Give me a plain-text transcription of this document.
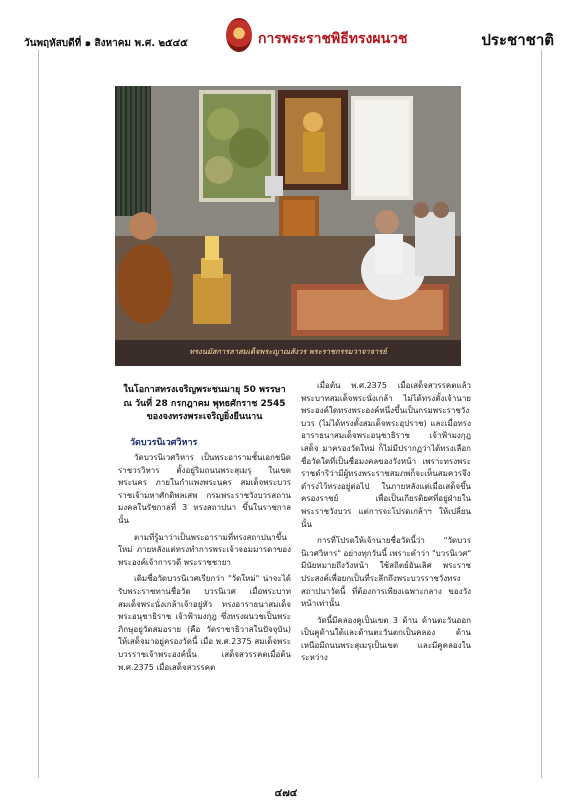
วันพฤหัสบดีที่ ๑ สิงหาคม พ.ศ. ๒๕๔๕	การพระราชพิธีทรงผนวช	ประชาชาติ
ทรงนมัสการลาสมเด็จพระญาณสังวร พระราชกรรมวาจาจารย์
ในโอกาสทรงเจริญพระชนมายุ 50 พรรษา ณ วันที่ 28 กรกฎาคม พุทธศักราช 2545 ของจงทรงพระเจริญยิ่งยืนนาน
วัดบวรนิเวศวิหาร

วัดบวรนิเวศวิหาร เป็นพระอารามชั้นเอกชนิดราชวรวิหาร ตั้งอยู่ริมถนนพระสุเมรุ ในเขตพระนคร ภายในกำแพงพระนคร สมเด็จพระบวรราชเจ้ามหาศักดิพลเสพ กรมพระราชวังบวรสถานมงคลในรัชกาลที่ 3 ทรงสถาปนา ขึ้นในราชกาลนั้น

ตามที่รู้มาว่าเป็นพระอารามที่ทรงสถาปนาขึ้นใหม่ ภายหลังแต่ทรงทำการพระเจ้าจอมมารดาของพระองค์เจ้าการวดี พระราชชายา

เดิมชื่อวัดบวรนิเวศเรียกว่า "วัดใหม่" น่าจะได้รับพระราชทานชื่อวัด บวรนิเวศ เมื่อพระบาทสมเด็จพระนั่งเกล้าเจ้าอยู่หัว ทรงอาราธนาสมเด็จพระอนุชาธิราช เจ้าฟ้ามงกุฎ ซึ่งทรงผนวชเป็นพระภิกษุอยู่วัดสมอราย (คือ วัดราชาธิวาสในปัจจุบัน) ให้เสด็จมาอยู่ครองวัดนี้ เมื่อ พ.ศ.2375 สมเด็จพระบวรราชเจ้าพระองค์นั้น เสด็จสวรรคตเมื่อต้น พ.ศ.2375 เมื่อเสด็จสวรรคต

เมื่อต้น พ.ศ.2375 เมื่อเสด็จสวรรคตแล้วพระบาทสมเด็จพระนั่งเกล้า ไม่ได้ทรงตั้งเจ้านายพระองค์ใดทรงพระองค์หนึ่งขึ้นเป็นกรมพระราชวังบวร (ไม่ได้ทรงตั้งสมเด็จพระอุปราช) และเมื่อทรงอาราธนาสมเด็จพระอนุชาธิราช เจ้าฟ้ามงกุฎ เสด็จ มาครองวัดใหม่ ก็ไม่มีปรากฏว่าได้ทรงเลือกชื่อวัดใดที่เป็นชื่อมงคลของวังหน้า เพราะทรงพระราชดำริว่ามีผู้ทรงพระราชสมภพก็จะเห็นสมควรจึงดำรงไว้ทรงอยู่ต่อไป ในภายหลังแต่เมื่อเสด็จขึ้นครองราชย์ เพื่อเป็นเกียรติยศที่อยู่ฝ่ายในพระราชวังบวร แต่การจะโปรดเกล้าฯ ให้เปลี่ยนนั้น

การที่โปรดให้เจ้านายชื่อวัดนี้ว่า "วัดบวรนิเวศวิหาร" อย่างทุกวันนี้ เพราะคำว่า "บวรนิเวศ" มีนัยหมายถึงวังหน้า ใช้สถิตย์อันเลิศ พระราชประสงค์เพื่อยกเป็นที่ระลึกถึงพระบวรราชวังทรงสถาปนาวัดนี้ ที่ต้องการเพียงเฉพาะกลาง ของวังหน้าเท่านั้น

วัดนี้มีคลองคูเป็นเขต 3 ด้าน ด้านตะวันออกเป็นคูด้านใต้และด้านตะวันตกเป็นคลอง ด้านเหนือมีถนนพระสุเมรุเป็นเขต และมีคูคลองในระหว่าง

๔๗๔
